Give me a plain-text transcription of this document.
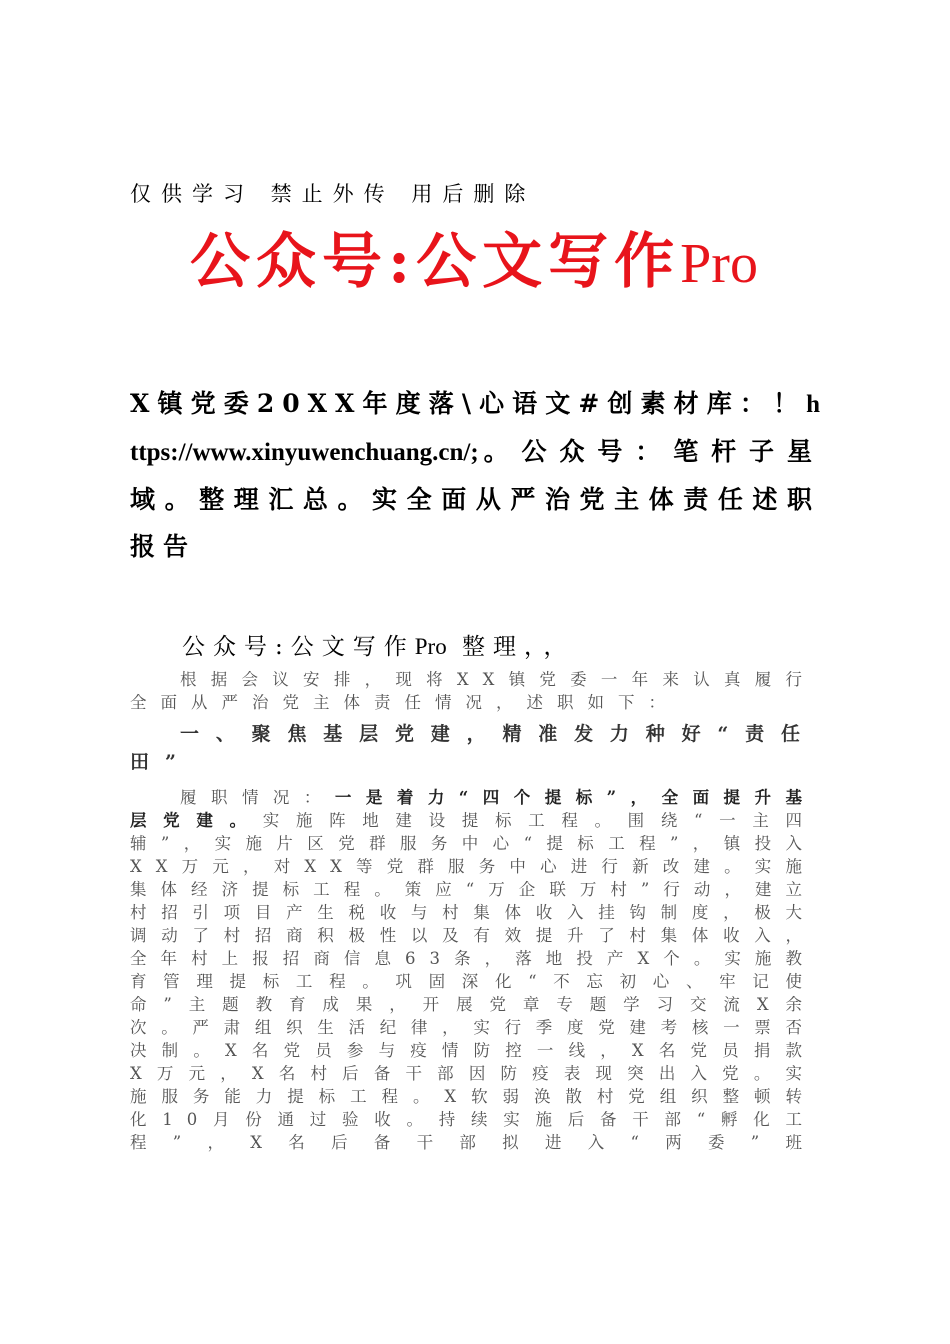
仅供学习 禁止外传 用后删除
公众号:公文写作Pro
X镇党委20XX年度落\心语文#创素材库：！https://www.xinyuwenchuang.cn/;。公众号：笔杆子星域。整理汇总。实全面从严治党主体责任述职报告
公众号:公文写作Pro 整理，，

根据会议安排，现将XX镇党委一年来认真履行全面从严治党主体责任情况，述职如下：

一、聚焦基层党建，精准发力种好“责任田”

履职情况：一是着力“四个提标”，全面提升基层党建。实施阵地建设提标工程。围绕“一主四辅”，实施片区党群服务中心“提标工程”，镇投入XX万元，对XX等党群服务中心进行新改建。实施集体经济提标工程。策应“万企联万村”行动，建立村招引项目产生税收与村集体收入挂钩制度，极大调动了村招商积极性以及有效提升了村集体收入，全年村上报招商信息63条，落地投产X个。实施教育管理提标工程。巩固深化“不忘初心、牢记使命”主题教育成果，开展党章专题学习交流X余次。严肃组织生活纪律，实行季度党建考核一票否决制。X名党员参与疫情防控一线，X名党员捐款X万元，X名村后备干部因防疫表现突出入党。实施服务能力提标工程。X软弱涣散村党组织整顿转化10月份通过验收。持续实施后备干部“孵化工程”，X名后备干部拟进入“两委”班
